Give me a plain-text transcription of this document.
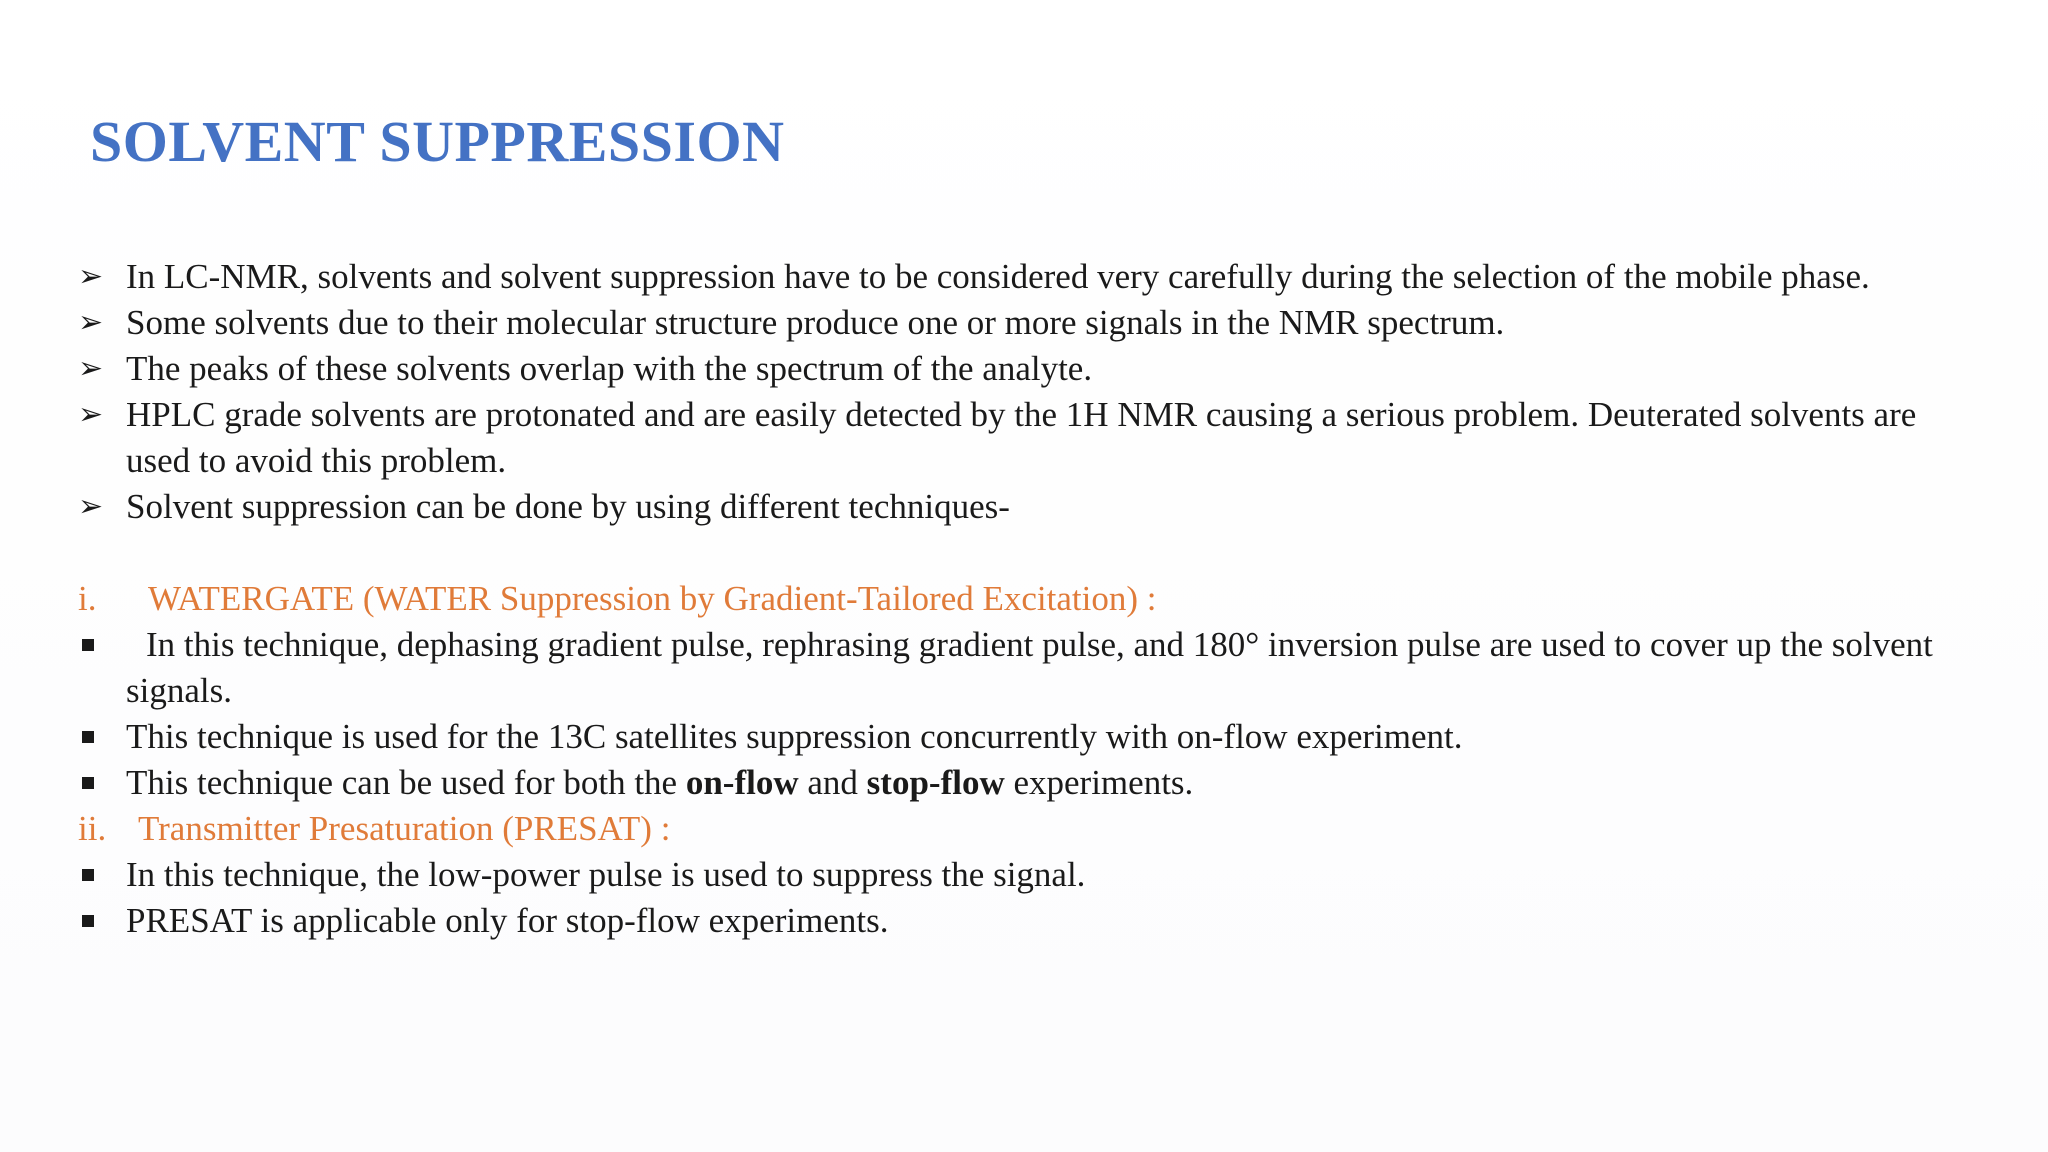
SOLVENT SUPPRESSION
➢ In LC-NMR, solvents and solvent suppression have to be considered very carefully during the selection of the mobile phase.
➢ Some solvents due to their molecular structure produce one or more signals in the NMR spectrum.
➢ The peaks of these solvents overlap with the spectrum of the analyte.
➢ HPLC grade solvents are protonated and are easily detected by the 1H NMR causing a serious problem. Deuterated solvents are used to avoid this problem.
➢ Solvent suppression can be done by using different techniques-
i. WATERGATE (WATER Suppression by Gradient-Tailored Excitation) :
In this technique, dephasing gradient pulse, rephrasing gradient pulse, and 180° inversion pulse are used to cover up the solvent signals.
This technique is used for the 13C satellites suppression concurrently with on-flow experiment.
This technique can be used for both the on-flow and stop-flow experiments.
ii. Transmitter Presaturation (PRESAT) :
In this technique, the low-power pulse is used to suppress the signal.
PRESAT is applicable only for stop-flow experiments.
